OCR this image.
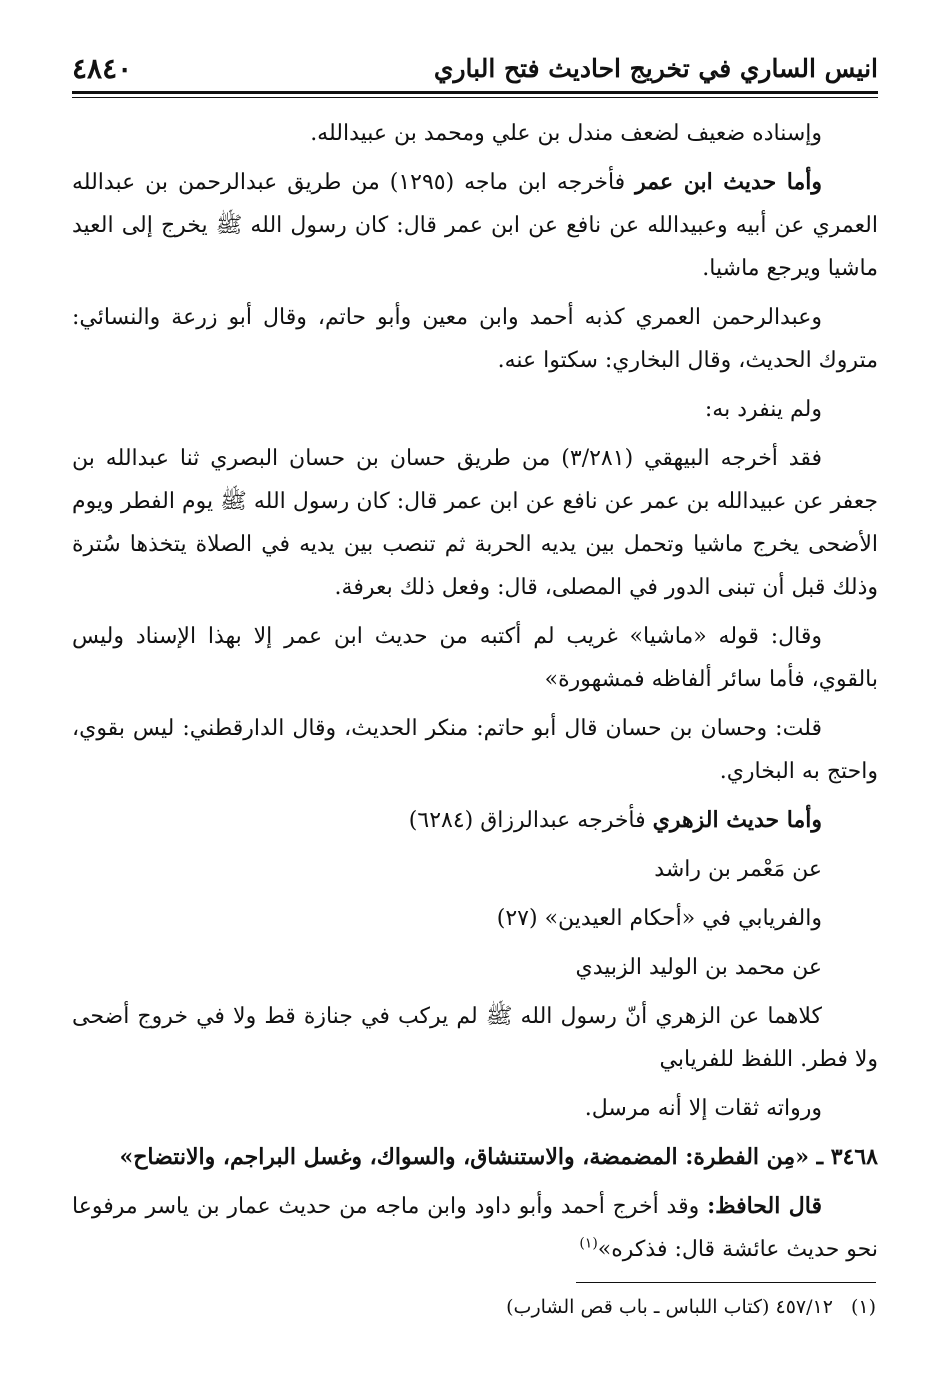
انيس الساري في تخريج احاديث فتح الباري
٤٨٤٠

وإسناده ضعيف لضعف مندل بن علي ومحمد بن عبيدالله.

وأما حديث ابن عمر فأخرجه ابن ماجه (١٢٩٥) من طريق عبدالرحمن بن عبدالله العمري عن أبيه وعبيدالله عن نافع عن ابن عمر قال: كان رسول الله ﷺ يخرج إلى العيد ماشيا ويرجع ماشيا.

وعبدالرحمن العمري كذبه أحمد وابن معين وأبو حاتم، وقال أبو زرعة والنسائي: متروك الحديث، وقال البخاري: سكتوا عنه.

ولم ينفرد به:

فقد أخرجه البيهقي (٣/٢٨١) من طريق حسان بن حسان البصري ثنا عبدالله بن جعفر عن عبيدالله بن عمر عن نافع عن ابن عمر قال: كان رسول الله ﷺ يوم الفطر ويوم الأضحى يخرج ماشيا وتحمل بين يديه الحربة ثم تنصب بين يديه في الصلاة يتخذها سُترة وذلك قبل أن تبنى الدور في المصلى، قال: وفعل ذلك بعرفة.

وقال: قوله «ماشيا» غريب لم أكتبه من حديث ابن عمر إلا بهذا الإسناد وليس بالقوي، فأما سائر ألفاظه فمشهورة»

قلت: وحسان بن حسان قال أبو حاتم: منكر الحديث، وقال الدارقطني: ليس بقوي، واحتج به البخاري.

وأما حديث الزهري فأخرجه عبدالرزاق (٦٢٨٤)

عن مَعْمر بن راشد

والفريابي في «أحكام العيدين» (٢٧)

عن محمد بن الوليد الزبيدي

كلاهما عن الزهري أنّ رسول الله ﷺ لم يركب في جنازة قط ولا في خروج أضحى ولا فطر. اللفظ للفريابي

ورواته ثقات إلا أنه مرسل.

٣٤٦٨ ـ «مِن الفطرة: المضمضة، والاستنشاق، والسواك، وغسل البراجم، والانتضاح»

قال الحافظ: وقد أخرج أحمد وأبو داود وابن ماجه من حديث عمار بن ياسر مرفوعا نحو حديث عائشة قال: فذكره»$^{(١)}$

(١)٤٥٧/١٢ (كتاب اللباس ـ باب قص الشارب)
